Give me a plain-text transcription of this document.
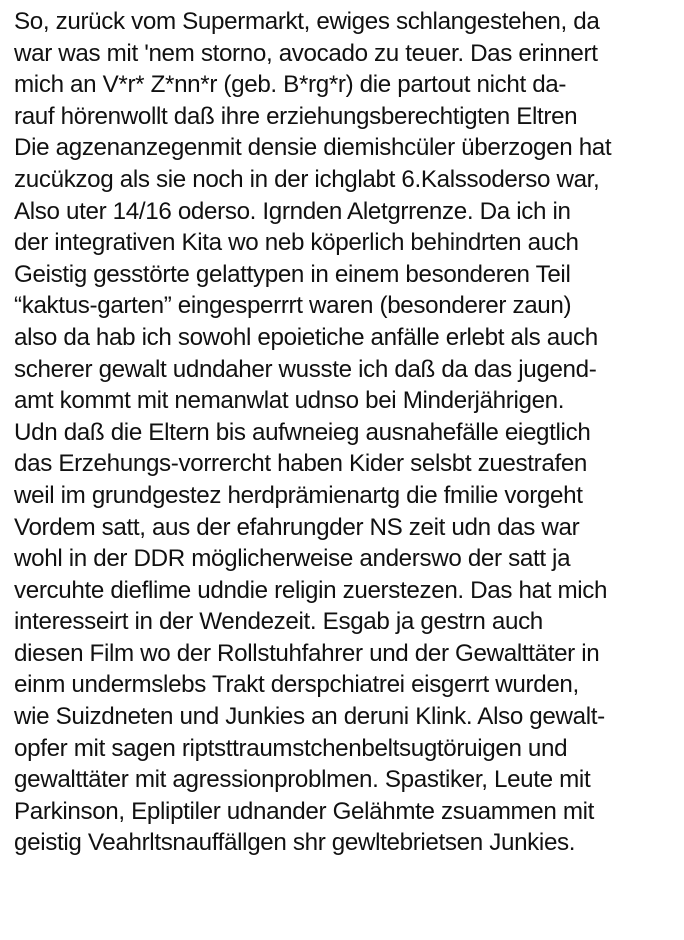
So, zurück vom Supermarkt, ewiges schlangestehen, da
war was mit 'nem storno, avocado zu teuer. Das erinnert
mich an V*r* Z*nn*r (geb. B*rg*r) die partout nicht da-
rauf hörenwollt daß ihre erziehungsberechtigten Eltren
Die agzenanzegenmit densie diemishcüler überzogen hat
zucükzog als sie noch in der ichglabt 6.Kalssoderso war,
Also uter 14/16 oderso. Igrnden Aletgrrenze. Da ich in
der integrativen Kita wo neb köperlich behindrten auch
Geistig gesstörte gelattypen in einem besonderen Teil
“kaktus-garten” eingesperrrt waren (besonderer zaun)
also da hab ich sowohl epoietiche anfälle erlebt als auch
scherer gewalt udndaher wusste ich daß da das jugend-
amt kommt mit nemanwlat udnso bei Minderjährigen.
Udn daß die Eltern bis aufwneieg ausnahefälle eiegtlich
das Erzehungs-vorrercht haben Kider selsbt zuestrafen
weil im grundgestez herdprämienartg die fmilie vorgeht
Vordem satt, aus der efahrungder NS zeit udn das war
wohl in der DDR möglicherweise anderswo der satt ja
vercuhte dieflime udndie religin zuerstezen. Das hat mich
interesseirt in der Wendezeit. Esgab ja gestrn auch
diesen Film wo der Rollstuhfahrer und der Gewalttäter in
einm undermslebs Trakt derspchiatrei eisgerrt wurden,
wie Suizdneten und Junkies an deruni Klink. Also gewalt-
opfer mit sagen riptsttraumstchenbeltsugtöruigen und
gewalttäter mit agressionproblmen. Spastiker, Leute mit
Parkinson, Epliptiler udnander Gelähmte zsuammen mit
geistig Veahrltsnauffällgen shr gewltebrietsen Junkies.
